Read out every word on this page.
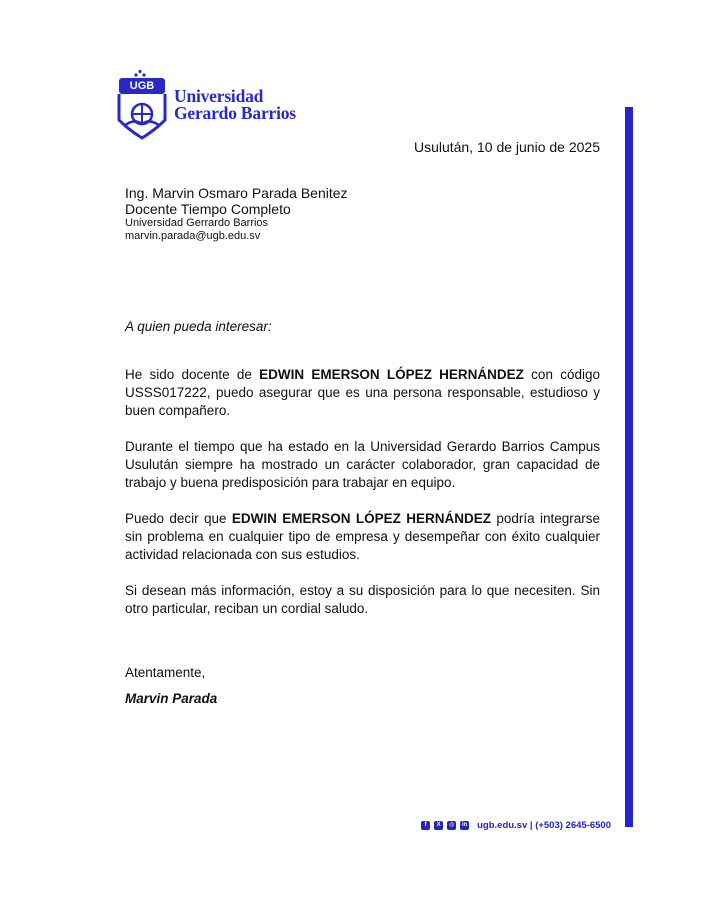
UGB Universidad
Gerardo Barrios
Usulután, 10 de junio de 2025
Ing. Marvin Osmaro Parada Benitez
Docente Tiempo Completo
Universidad Gerrardo Barrios
marvin.parada@ugb.edu.sv
A quien pueda interesar:

He sido docente de EDWIN EMERSON LÓPEZ HERNÁNDEZ con código USSS017222, puedo asegurar que es una persona responsable, estudioso y buen compañero.

Durante el tiempo que ha estado en la Universidad Gerardo Barrios Campus Usulután siempre ha mostrado un carácter colaborador, gran capacidad de trabajo y buena predisposición para trabajar en equipo.

Puedo decir que EDWIN EMERSON LÓPEZ HERNÁNDEZ podría integrarse sin problema en cualquier tipo de empresa y desempeñar con éxito cualquier actividad relacionada con sus estudios.

Si desean más información, estoy a su disposición para lo que necesiten. Sin otro particular, reciban un cordial saludo.

Atentamente,
Marvin Parada
f	X	◎	in ugb.edu.sv | (+503) 2645-6500
